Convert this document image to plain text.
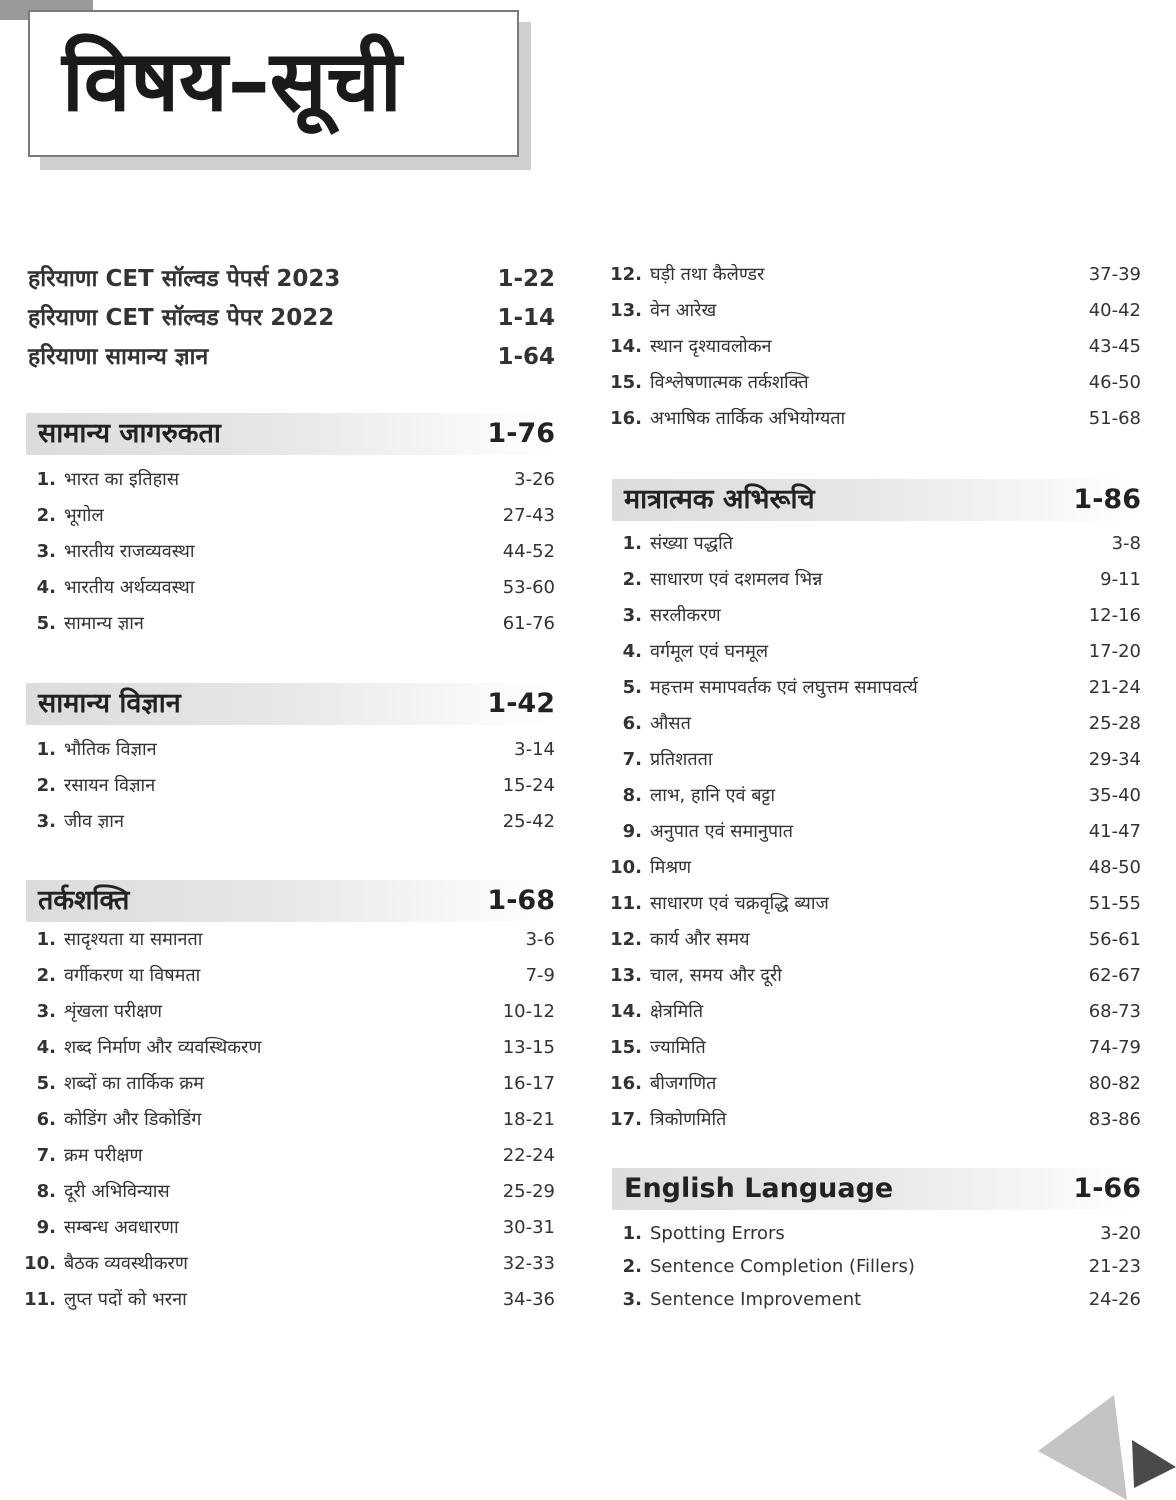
विषय–सूची
हरियाणा CET सॉल्वड पेपर्स 2023	1-22
हरियाणा CET सॉल्वड पेपर 2022	1-14
हरियाणा सामान्य ज्ञान	1-64
सामान्य जागरुकता	1-76
1. भारत का इतिहास	3-26
2. भूगोल	27-43
3. भारतीय राजव्यवस्था	44-52
4. भारतीय अर्थव्यवस्था	53-60
5. सामान्य ज्ञान	61-76
सामान्य विज्ञान	1-42
1. भौतिक विज्ञान	3-14
2. रसायन विज्ञान	15-24
3. जीव ज्ञान	25-42
तर्कशक्ति	1-68
1. सादृश्यता या समानता	3-6
2. वर्गीकरण या विषमता	7-9
3. शृंखला परीक्षण	10-12
4. शब्द निर्माण और व्यवस्थिकरण	13-15
5. शब्दों का तार्किक क्रम	16-17
6. कोडिंग और डिकोडिंग	18-21
7. क्रम परीक्षण	22-24
8. दूरी अभिविन्यास	25-29
9. सम्बन्ध अवधारणा	30-31
10. बैठक व्यवस्थीकरण	32-33
11. लुप्त पदों को भरना	34-36
12. घड़ी तथा कैलेण्डर	37-39
13. वेन आरेख	40-42
14. स्थान दृश्यावलोकन	43-45
15. विश्लेषणात्मक तर्कशक्ति	46-50
16. अभाषिक तार्किक अभियोग्यता	51-68
मात्रात्मक अभिरूचि	1-86
1. संख्या पद्धति	3-8
2. साधारण एवं दशमलव भिन्न	9-11
3. सरलीकरण	12-16
4. वर्गमूल एवं घनमूल	17-20
5. महत्तम समापवर्तक एवं लघुत्तम समापवर्त्य	21-24
6. औसत	25-28
7. प्रतिशतता	29-34
8. लाभ, हानि एवं बट्टा	35-40
9. अनुपात एवं समानुपात	41-47
10. मिश्रण	48-50
11. साधारण एवं चक्रवृद्धि ब्याज	51-55
12. कार्य और समय	56-61
13. चाल, समय और दूरी	62-67
14. क्षेत्रमिति	68-73
15. ज्यामिति	74-79
16. बीजगणित	80-82
17. त्रिकोणमिति	83-86
English Language	1-66
1. Spotting Errors	3-20
2. Sentence Completion (Fillers)	21-23
3. Sentence Improvement	24-26
